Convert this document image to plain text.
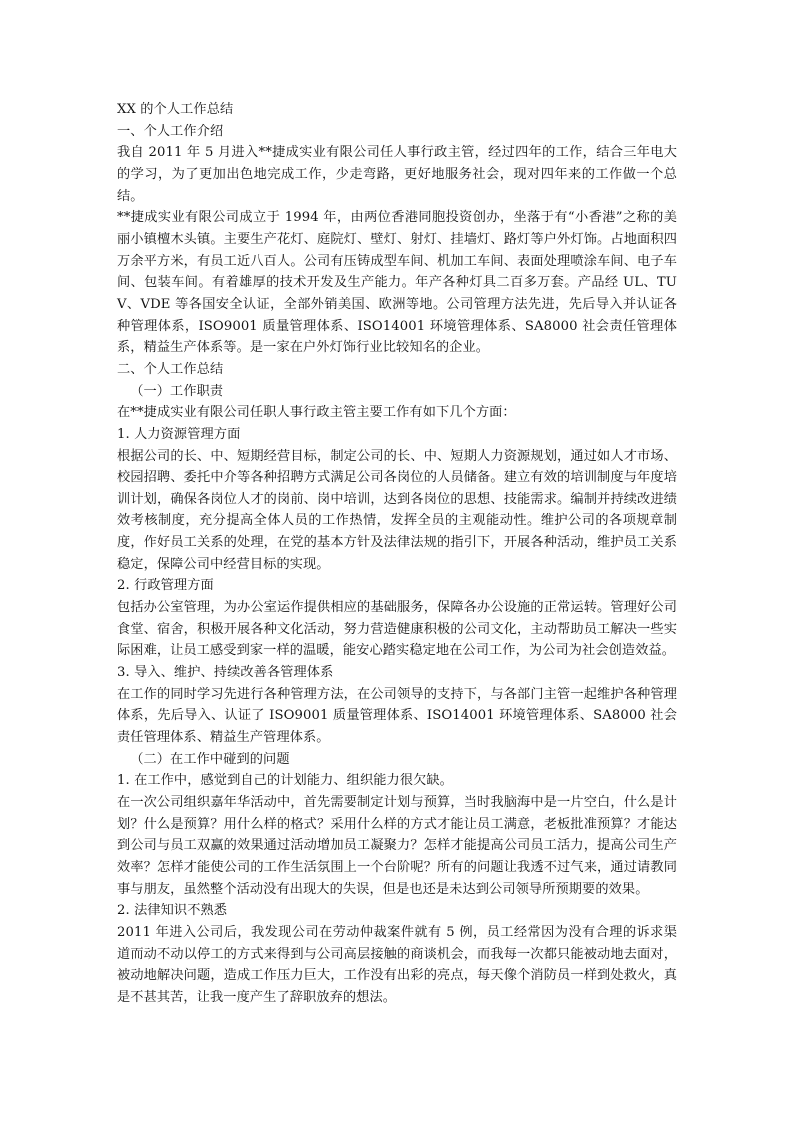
XX 的个人工作总结

一、个人工作介绍

我自 2011 年 5 月进入**捷成实业有限公司任人事行政主管，经过四年的工作，结合三年电大的学习，为了更加出色地完成工作，少走弯路，更好地服务社会，现对四年来的工作做一个总结。

**捷成实业有限公司成立于 1994 年，由两位香港同胞投资创办，坐落于有“小香港”之称的美丽小镇檀木头镇。主要生产花灯、庭院灯、壁灯、射灯、挂墙灯、路灯等户外灯饰。占地面积四万余平方米，有员工近八百人。公司有压铸成型车间、机加工车间、表面处理喷涂车间、电子车间、包装车间。有着雄厚的技术开发及生产能力。年产各种灯具二百多万套。产品经 UL、TUV、VDE 等各国安全认证，全部外销美国、欧洲等地。公司管理方法先进，先后导入并认证各种管理体系，ISO9001 质量管理体系、ISO14001 环境管理体系、SA8000 社会责任管理体系，精益生产体系等。是一家在户外灯饰行业比较知名的企业。

二、个人工作总结

（一）工作职责

在**捷成实业有限公司任职人事行政主管主要工作有如下几个方面：

1. 人力资源管理方面

根据公司的长、中、短期经营目标，制定公司的长、中、短期人力资源规划，通过如人才市场、校园招聘、委托中介等各种招聘方式满足公司各岗位的人员储备。建立有效的培训制度与年度培训计划，确保各岗位人才的岗前、岗中培训，达到各岗位的思想、技能需求。编制并持续改进绩效考核制度，充分提高全体人员的工作热情，发挥全员的主观能动性。维护公司的各项规章制度，作好员工关系的处理，在党的基本方针及法律法规的指引下，开展各种活动，维护员工关系稳定，保障公司中经营目标的实现。

2. 行政管理方面

包括办公室管理，为办公室运作提供相应的基础服务，保障各办公设施的正常运转。管理好公司食堂、宿舍，积极开展各种文化活动，努力营造健康积极的公司文化，主动帮助员工解决一些实际困难，让员工感受到家一样的温暖，能安心踏实稳定地在公司工作，为公司为社会创造效益。

3. 导入、维护、持续改善各管理体系

在工作的同时学习先进行各种管理方法，在公司领导的支持下，与各部门主管一起维护各种管理体系，先后导入、认证了 ISO9001 质量管理体系、ISO14001 环境管理体系、SA8000 社会责任管理体系、精益生产管理体系。

（二）在工作中碰到的问题

1. 在工作中，感觉到自己的计划能力、组织能力很欠缺。

在一次公司组织嘉年华活动中，首先需要制定计划与预算，当时我脑海中是一片空白，什么是计划？什么是预算？用什么样的格式？采用什么样的方式才能让员工满意，老板批准预算？才能达到公司与员工双赢的效果通过活动增加员工凝聚力？怎样才能提高公司员工活力，提高公司生产效率？怎样才能使公司的工作生活氛围上一个台阶呢？所有的问题让我透不过气来，通过请教同事与朋友，虽然整个活动没有出现大的失误，但是也还是未达到公司领导所预期要的效果。

2. 法律知识不熟悉

2011 年进入公司后，我发现公司在劳动仲裁案件就有 5 例，员工经常因为没有合理的诉求渠道而动不动以停工的方式来得到与公司高层接触的商谈机会，而我每一次都只能被动地去面对，被动地解决问题，造成工作压力巨大，工作没有出彩的亮点，每天像个消防员一样到处救火，真是不甚其苦，让我一度产生了辞职放弃的想法。
